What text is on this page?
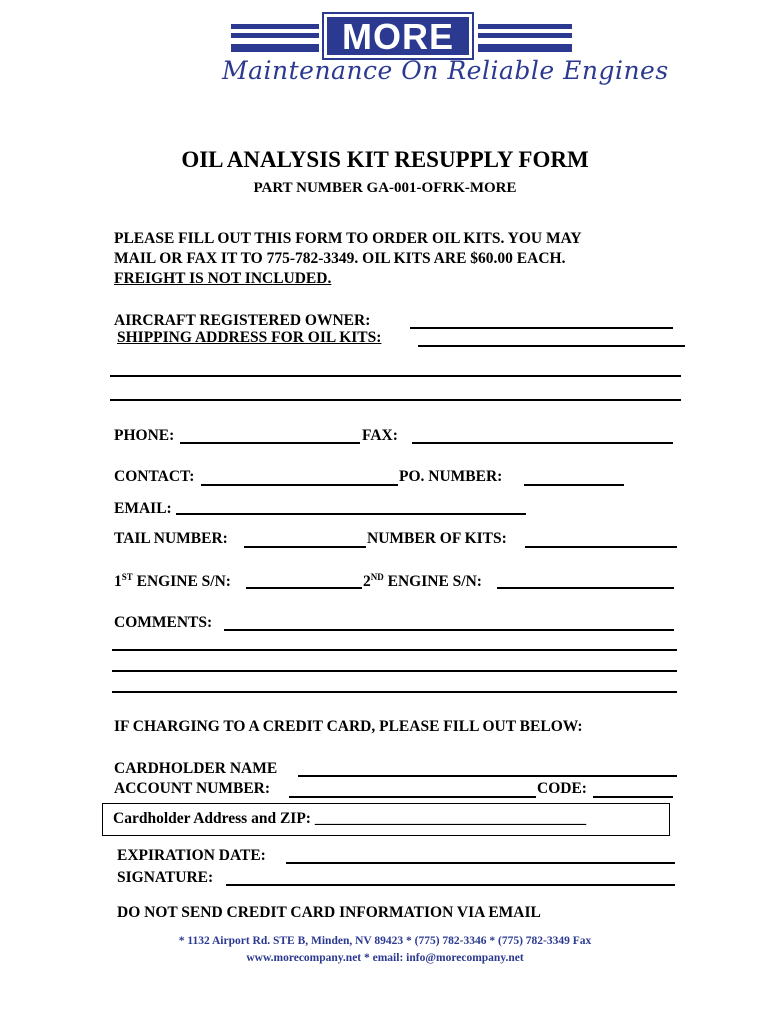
MORE
Maintenance On Reliable Engines
OIL ANALYSIS KIT RESUPPLY FORM
PART NUMBER GA-001-OFRK-MORE
PLEASE FILL OUT THIS FORM TO ORDER OIL KITS. YOU MAY
MAIL OR FAX IT TO 775-782-3349. OIL KITS ARE $60.00 EACH.
FREIGHT IS NOT INCLUDED.
AIRCRAFT REGISTERED OWNER:
SHIPPING ADDRESS FOR OIL KITS:
PHONE:	FAX:
CONTACT:	PO. NUMBER:
EMAIL:
TAIL NUMBER:	NUMBER OF KITS:
1ST ENGINE S/N:	2ND ENGINE S/N:
COMMENTS:
IF CHARGING TO A CREDIT CARD, PLEASE FILL OUT BELOW:
CARDHOLDER NAME
ACCOUNT NUMBER:	CODE:
Cardholder Address and ZIP: ___________________________________
EXPIRATION DATE:
SIGNATURE:
DO NOT SEND CREDIT CARD INFORMATION VIA EMAIL
* 1132 Airport Rd. STE B, Minden, NV 89423 * (775) 782-3346 * (775) 782-3349 Fax
www.morecompany.net * email: info@morecompany.net
